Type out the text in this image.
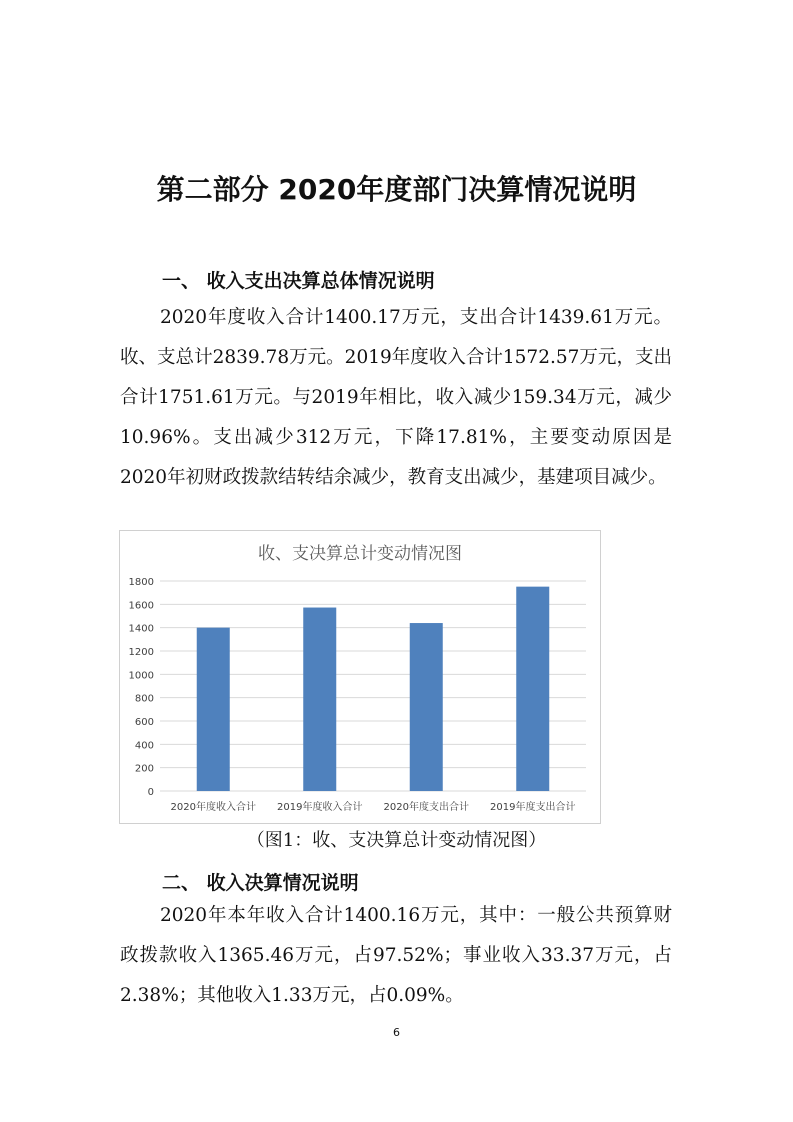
第二部分 2020年度部门决算情况说明
一、 收入支出决算总体情况说明

2020年度收入合计1400.17万元，支出合计1439.61万元。收、支总计2839.78万元。2019年度收入合计1572.57万元，支出合计1751.61万元。与2019年相比，收入减少159.34万元，减少10.96%。支出减少312万元，下降17.81%，主要变动原因是2020年初财政拨款结转结余减少，教育支出减少，基建项目减少。

收、支决算总计变动情况图
0
200
400
600
800
1000
1200
1400
1600
1800
2020年度收入合计 2019年度收入合计 2020年度支出合计 2019年度支出合计
（图1：收、支决算总计变动情况图）
二、 收入决算情况说明

2020年本年收入合计1400.16万元，其中：一般公共预算财政拨款收入1365.46万元，占97.52%；事业收入33.37万元，占2.38%；其他收入1.33万元，占0.09%。

6
